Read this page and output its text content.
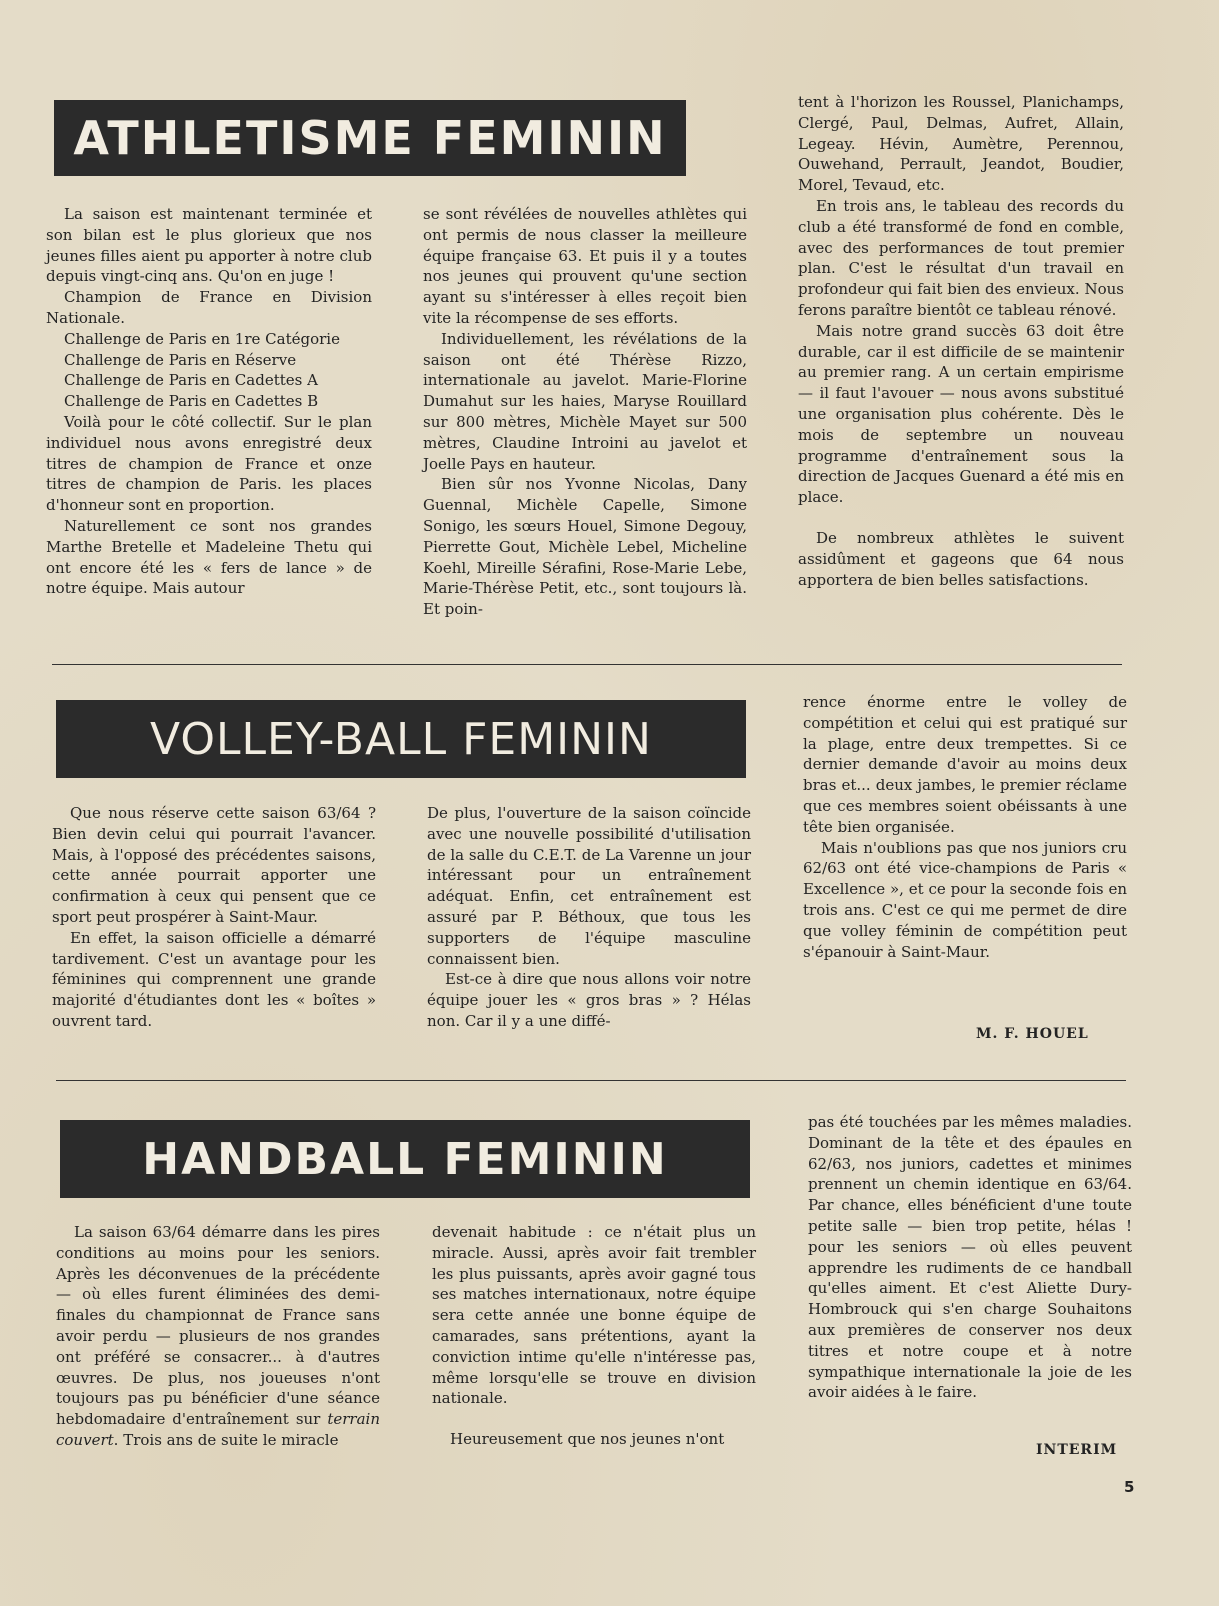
ATHLETISME FEMININ

La saison est maintenant terminée et son bilan est le plus glorieux que nos jeunes filles aient pu apporter à notre club depuis vingt-cinq ans. Qu'on en juge !

Champion de France en Division Nationale.

Challenge de Paris en 1re Catégorie

Challenge de Paris en Réserve

Challenge de Paris en Cadettes A

Challenge de Paris en Cadettes B

Voilà pour le côté collectif. Sur le plan individuel nous avons enregistré deux titres de champion de France et onze titres de champion de Paris. les places d'honneur sont en proportion.

Naturellement ce sont nos grandes Marthe Bretelle et Madeleine Thetu qui ont encore été les « fers de lance » de notre équipe. Mais autour

se sont révélées de nouvelles athlètes qui ont permis de nous classer la meilleure équipe française 63. Et puis il y a toutes nos jeunes qui prouvent qu'une section ayant su s'intéresser à elles reçoit bien vite la récompense de ses efforts.

Individuellement, les révélations de la saison ont été Thérèse Rizzo, internationale au javelot. Marie-Florine Dumahut sur les haies, Maryse Rouillard sur 800 mètres, Michèle Mayet sur 500 mètres, Claudine Introini au javelot et Joelle Pays en hauteur.

Bien sûr nos Yvonne Nicolas, Dany Guennal, Michèle Capelle, Simone Sonigo, les sœurs Houel, Simone Degouy, Pierrette Gout, Michèle Lebel, Micheline Koehl, Mireille Sérafini, Rose-Marie Lebe, Marie-Thérèse Petit, etc., sont toujours là. Et poin-

tent à l'horizon les Roussel, Planichamps, Clergé, Paul, Delmas, Aufret, Allain, Legeay. Hévin, Aumètre, Perennou, Ouwehand, Perrault, Jeandot, Boudier, Morel, Tevaud, etc.

En trois ans, le tableau des records du club a été transformé de fond en comble, avec des performances de tout premier plan. C'est le résultat d'un travail en profondeur qui fait bien des envieux. Nous ferons paraître bientôt ce tableau rénové.

Mais notre grand succès 63 doit être durable, car il est difficile de se maintenir au premier rang. A un certain empirisme — il faut l'avouer — nous avons substitué une organisation plus cohérente. Dès le mois de septembre un nouveau programme d'entraînement sous la direction de Jacques Guenard a été mis en place.

De nombreux athlètes le suivent assidûment et gageons que 64 nous apportera de bien belles satisfactions.

VOLLEY-BALL FEMININ

Que nous réserve cette saison 63/64 ? Bien devin celui qui pourrait l'avancer. Mais, à l'opposé des précédentes saisons, cette année pourrait apporter une confirmation à ceux qui pensent que ce sport peut prospérer à Saint-Maur.

En effet, la saison officielle a démarré tardivement. C'est un avantage pour les féminines qui comprennent une grande majorité d'étudiantes dont les « boîtes » ouvrent tard.

De plus, l'ouverture de la saison coïncide avec une nouvelle possibilité d'utilisation de la salle du C.E.T. de La Varenne un jour intéressant pour un entraînement adéquat. Enfin, cet entraînement est assuré par P. Béthoux, que tous les supporters de l'équipe masculine connaissent bien.

Est-ce à dire que nous allons voir notre équipe jouer les « gros bras » ? Hélas non. Car il y a une diffé-

rence énorme entre le volley de compétition et celui qui est pratiqué sur la plage, entre deux trempettes. Si ce dernier demande d'avoir au moins deux bras et... deux jambes, le premier réclame que ces membres soient obéissants à une tête bien organisée.

Mais n'oublions pas que nos juniors cru 62/63 ont été vice-champions de Paris « Excellence », et ce pour la seconde fois en trois ans. C'est ce qui me permet de dire que volley féminin de compétition peut s'épanouir à Saint-Maur.

M. F. HOUEL
HANDBALL FEMININ

La saison 63/64 démarre dans les pires conditions au moins pour les seniors. Après les déconvenues de la précédente — où elles furent éliminées des demi-finales du championnat de France sans avoir perdu — plusieurs de nos grandes ont préféré se consacrer... à d'autres œuvres. De plus, nos joueuses n'ont toujours pas pu bénéficier d'une séance hebdomadaire d'entraînement sur terrain couvert. Trois ans de suite le miracle

devenait habitude : ce n'était plus un miracle. Aussi, après avoir fait trembler les plus puissants, après avoir gagné tous ses matches internationaux, notre équipe sera cette année une bonne équipe de camarades, sans prétentions, ayant la conviction intime qu'elle n'intéresse pas, même lorsqu'elle se trouve en division nationale.

Heureusement que nos jeunes n'ont

pas été touchées par les mêmes maladies. Dominant de la tête et des épaules en 62/63, nos juniors, cadettes et minimes prennent un chemin identique en 63/64. Par chance, elles bénéficient d'une toute petite salle — bien trop petite, hélas ! pour les seniors — où elles peuvent apprendre les rudiments de ce handball qu'elles aiment. Et c'est Aliette Dury-Hombrouck qui s'en charge Souhaitons aux premières de conserver nos deux titres et notre coupe et à notre sympathique internationale la joie de les avoir aidées à le faire.

INTERIM
5
